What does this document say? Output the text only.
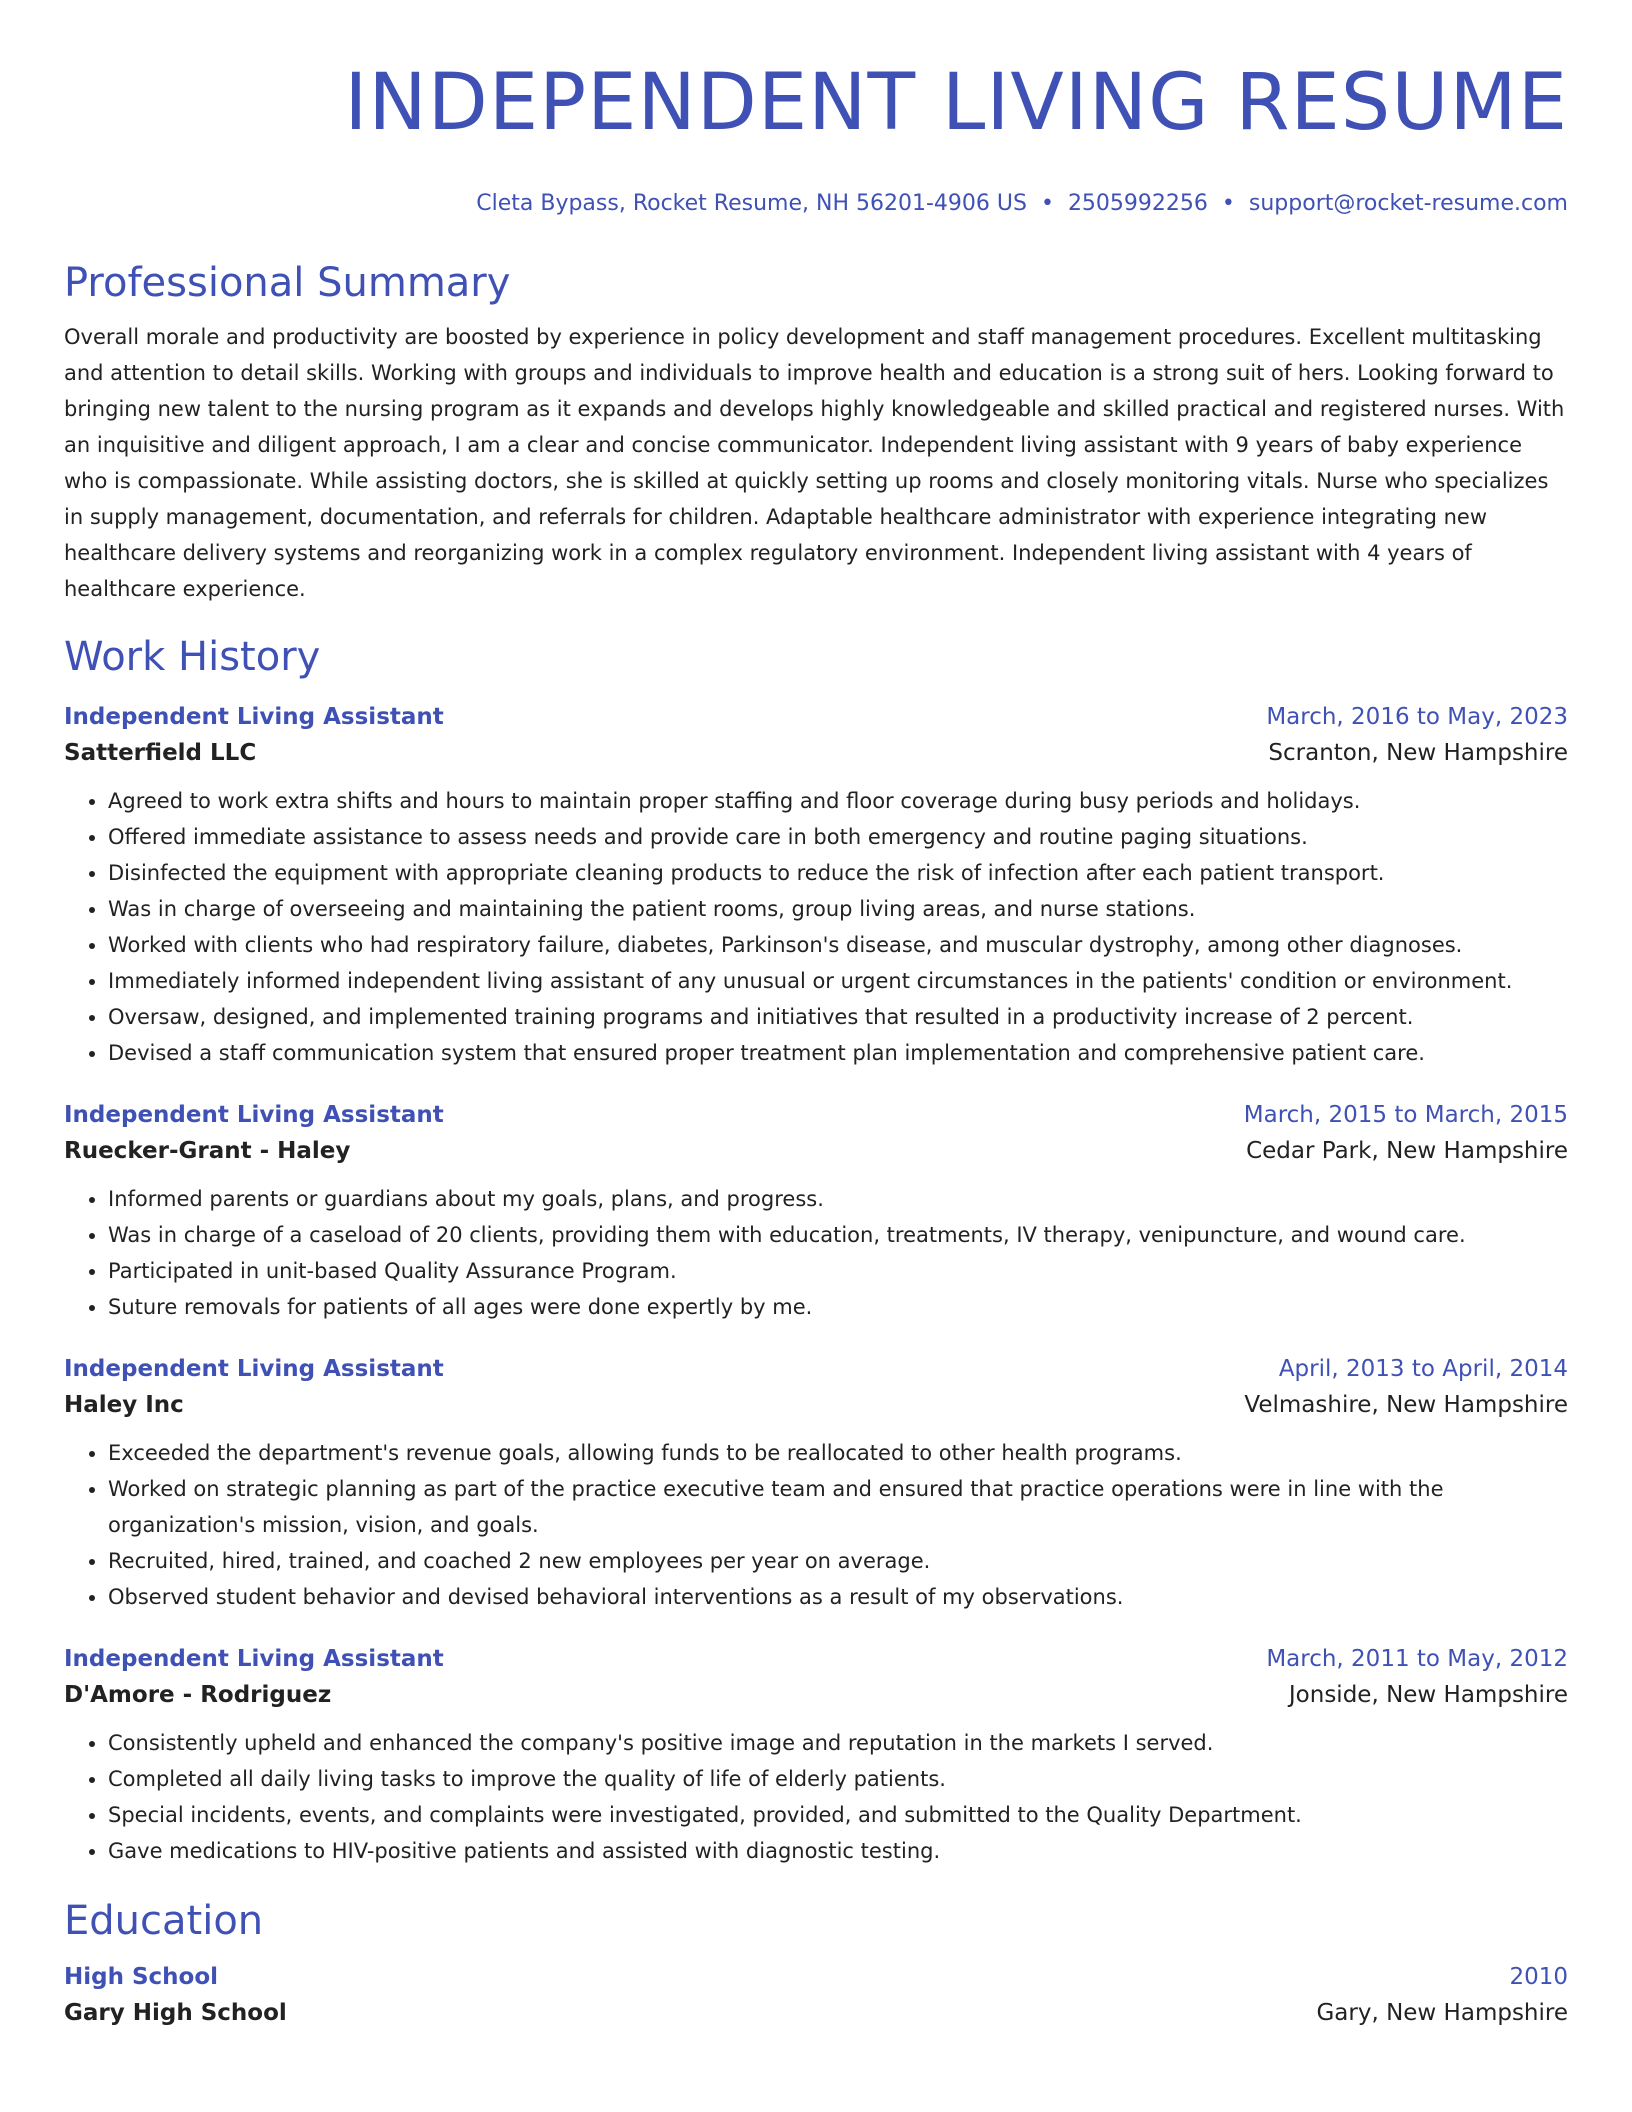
INDEPENDENT LIVING RESUME
Cleta Bypass, Rocket Resume, NH 56201-4906 US • 2505992256 • support@rocket-resume.com
Professional Summary
Overall morale and productivity are boosted by experience in policy development and staff management procedures. Excellent multitasking and attention to detail skills. Working with groups and individuals to improve health and education is a strong suit of hers. Looking forward to bringing new talent to the nursing program as it expands and develops highly knowledgeable and skilled practical and registered nurses. With an inquisitive and diligent approach, I am a clear and concise communicator. Independent living assistant with 9 years of baby experience who is compassionate. While assisting doctors, she is skilled at quickly setting up rooms and closely monitoring vitals. Nurse who specializes in supply management, documentation, and referrals for children. Adaptable healthcare administrator with experience integrating new healthcare delivery systems and reorganizing work in a complex regulatory environment. Independent living assistant with 4 years of healthcare experience.
Work History
Independent Living Assistant	March, 2016 to May, 2023
Satterfield LLC	Scranton, New Hampshire
• Agreed to work extra shifts and hours to maintain proper staffing and floor coverage during busy periods and holidays.
• Offered immediate assistance to assess needs and provide care in both emergency and routine paging situations.
• Disinfected the equipment with appropriate cleaning products to reduce the risk of infection after each patient transport.
• Was in charge of overseeing and maintaining the patient rooms, group living areas, and nurse stations.
• Worked with clients who had respiratory failure, diabetes, Parkinson's disease, and muscular dystrophy, among other diagnoses.
• Immediately informed independent living assistant of any unusual or urgent circumstances in the patients' condition or environment.
• Oversaw, designed, and implemented training programs and initiatives that resulted in a productivity increase of 2 percent.
• Devised a staff communication system that ensured proper treatment plan implementation and comprehensive patient care.
Independent Living Assistant	March, 2015 to March, 2015
Ruecker-Grant - Haley	Cedar Park, New Hampshire
• Informed parents or guardians about my goals, plans, and progress.
• Was in charge of a caseload of 20 clients, providing them with education, treatments, IV therapy, venipuncture, and wound care.
• Participated in unit-based Quality Assurance Program.
• Suture removals for patients of all ages were done expertly by me.
Independent Living Assistant	April, 2013 to April, 2014
Haley Inc	Velmashire, New Hampshire
• Exceeded the department's revenue goals, allowing funds to be reallocated to other health programs.
• Worked on strategic planning as part of the practice executive team and ensured that practice operations were in line with the organization's mission, vision, and goals.
• Recruited, hired, trained, and coached 2 new employees per year on average.
• Observed student behavior and devised behavioral interventions as a result of my observations.
Independent Living Assistant	March, 2011 to May, 2012
D'Amore - Rodriguez	Jonside, New Hampshire
• Consistently upheld and enhanced the company's positive image and reputation in the markets I served.
• Completed all daily living tasks to improve the quality of life of elderly patients.
• Special incidents, events, and complaints were investigated, provided, and submitted to the Quality Department.
• Gave medications to HIV-positive patients and assisted with diagnostic testing.
Education
High School	2010
Gary High School	Gary, New Hampshire
